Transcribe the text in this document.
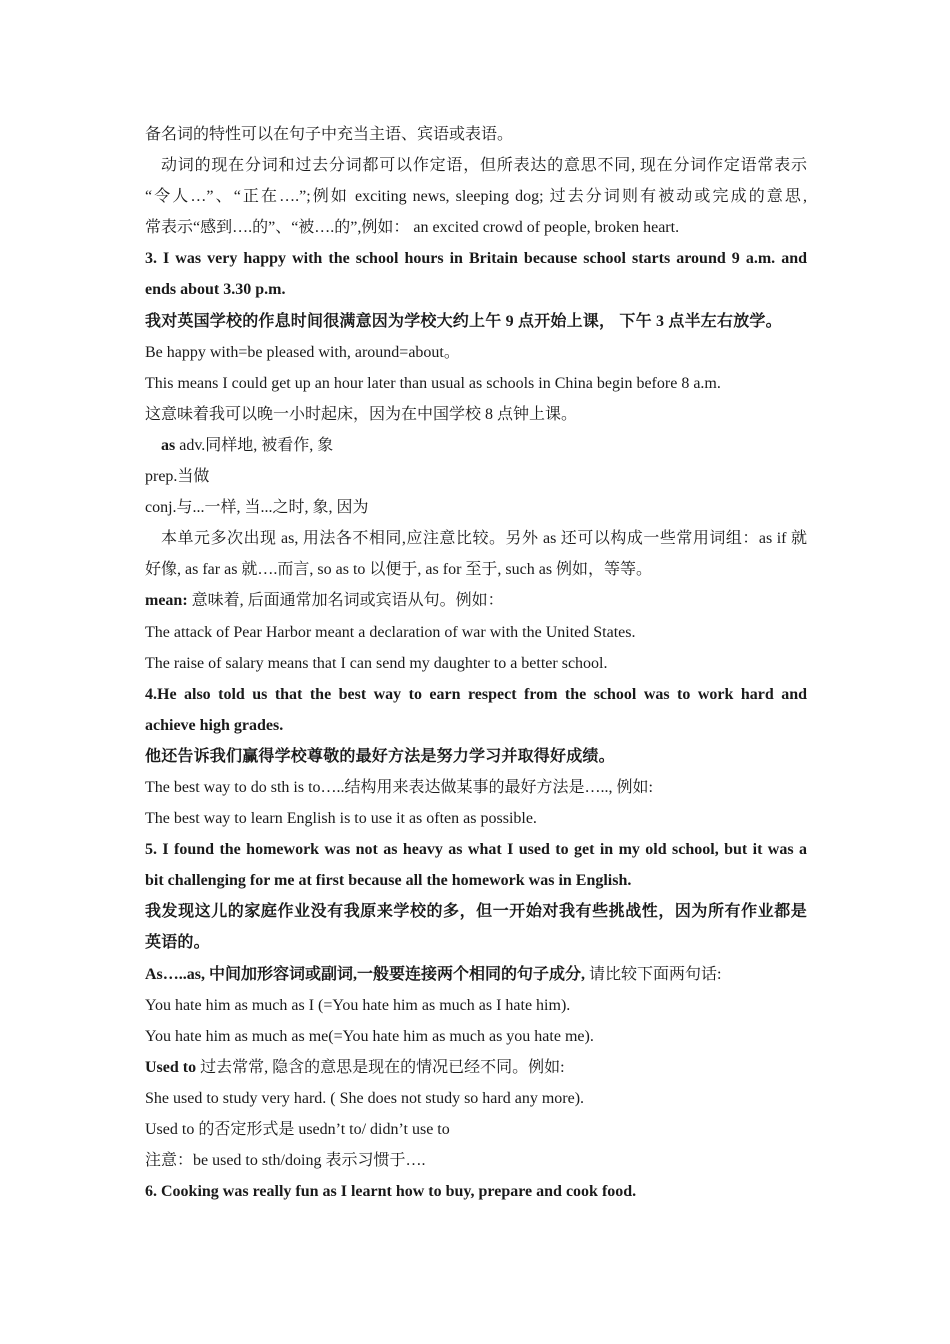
备名词的特性可以在句子中充当主语、宾语或表语。
动词的现在分词和过去分词都可以作定语，但所表达的意思不同, 现在分词作定语常表示
“令人…”、“正在….”;例如 exciting news, sleeping dog; 过去分词则有被动或完成的意思,
常表示“感到….的”、“被….的”,例如： an excited crowd of people, broken heart.
3. I was very happy with the school hours in Britain because school starts around 9 a.m. and
ends about 3.30 p.m.
我对英国学校的作息时间很满意因为学校大约上午 9 点开始上课， 下午 3 点半左右放学。
Be happy with=be pleased with, around=about。
This means I could get up an hour later than usual as schools in China begin before 8 a.m.
这意味着我可以晚一小时起床，因为在中国学校 8 点钟上课。
as adv.同样地, 被看作, 象
prep.当做
conj.与...一样, 当...之时, 象, 因为
本单元多次出现 as, 用法各不相同,应注意比较。另外 as 还可以构成一些常用词组：as if 就
好像, as far as 就….而言, so as to 以便于, as for 至于, such as 例如，等等。
mean: 意味着, 后面通常加名词或宾语从句。例如：
The attack of Pear Harbor meant a declaration of war with the United States.
The raise of salary means that I can send my daughter to a better school.
4.He also told us that the best way to earn respect from the school was to work hard and
achieve high grades.
他还告诉我们赢得学校尊敬的最好方法是努力学习并取得好成绩。
The best way to do sth is to…..结构用来表达做某事的最好方法是….., 例如:
The best way to learn English is to use it as often as possible.
5. I found the homework was not as heavy as what I used to get in my old school, but it was a
bit challenging for me at first because all the homework was in English.
我发现这儿的家庭作业没有我原来学校的多，但一开始对我有些挑战性，因为所有作业都是
英语的。
As…..as, 中间加形容词或副词,一般要连接两个相同的句子成分, 请比较下面两句话:
You hate him as much as I (=You hate him as much as I hate him).
You hate him as much as me(=You hate him as much as you hate me).
Used to 过去常常, 隐含的意思是现在的情况已经不同。例如:
She used to study very hard. ( She does not study so hard any more).
Used to 的否定形式是 usedn’t to/ didn’t use to
注意：be used to sth/doing 表示习惯于….
6. Cooking was really fun as I learnt how to buy, prepare and cook food.
